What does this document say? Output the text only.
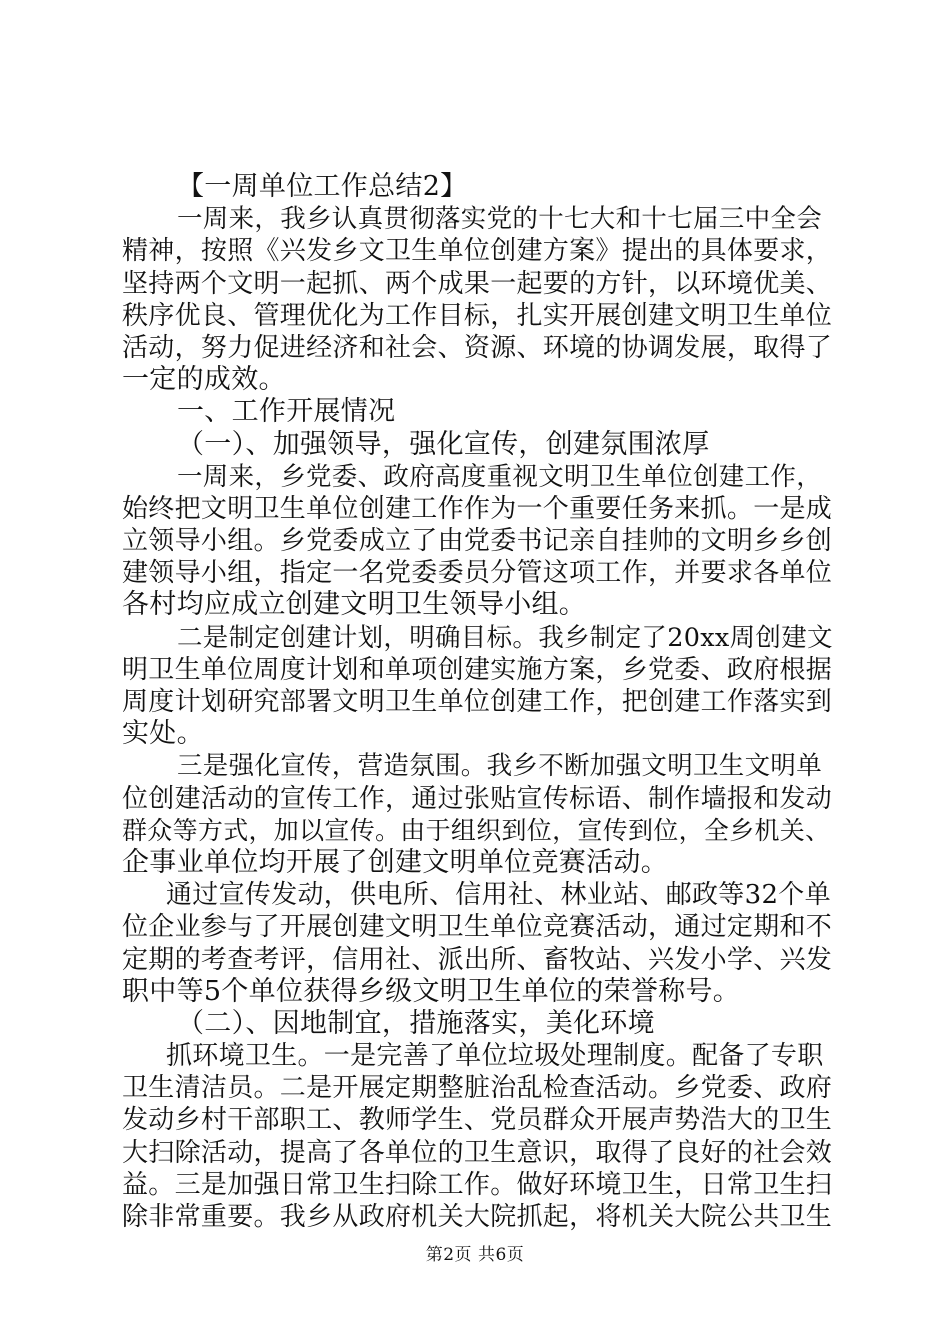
【一周单位工作总结2】
一周来，我乡认真贯彻落实党的十七大和十七届三中全会
精神，按照《兴发乡文卫生单位创建方案》提出的具体要求，
坚持两个文明一起抓、两个成果一起要的方针，以环境优美、
秩序优良、管理优化为工作目标，扎实开展创建文明卫生单位
活动，努力促进经济和社会、资源、环境的协调发展，取得了
一定的成效。
一、工作开展情况
（一）、加强领导，强化宣传，创建氛围浓厚
一周来，乡党委、政府高度重视文明卫生单位创建工作，
始终把文明卫生单位创建工作作为一个重要任务来抓。一是成
立领导小组。乡党委成立了由党委书记亲自挂帅的文明乡乡创
建领导小组，指定一名党委委员分管这项工作，并要求各单位
各村均应成立创建文明卫生领导小组。
二是制定创建计划，明确目标。我乡制定了20xx周创建文
明卫生单位周度计划和单项创建实施方案，乡党委、政府根据
周度计划研究部署文明卫生单位创建工作，把创建工作落实到
实处。
三是强化宣传，营造氛围。我乡不断加强文明卫生文明单
位创建活动的宣传工作，通过张贴宣传标语、制作墙报和发动
群众等方式，加以宣传。由于组织到位，宣传到位，全乡机关、
企事业单位均开展了创建文明单位竞赛活动。
通过宣传发动，供电所、信用社、林业站、邮政等32个单
位企业参与了开展创建文明卫生单位竞赛活动，通过定期和不
定期的考查考评，信用社、派出所、畜牧站、兴发小学、兴发
职中等5个单位获得乡级文明卫生单位的荣誉称号。
（二）、因地制宜，措施落实，美化环境
抓环境卫生。一是完善了单位垃圾处理制度。配备了专职
卫生清洁员。二是开展定期整脏治乱检查活动。乡党委、政府
发动乡村干部职工、教师学生、党员群众开展声势浩大的卫生
大扫除活动，提高了各单位的卫生意识，取得了良好的社会效
益。三是加强日常卫生扫除工作。做好环境卫生，日常卫生扫
除非常重要。我乡从政府机关大院抓起，将机关大院公共卫生
第2页 共6页
